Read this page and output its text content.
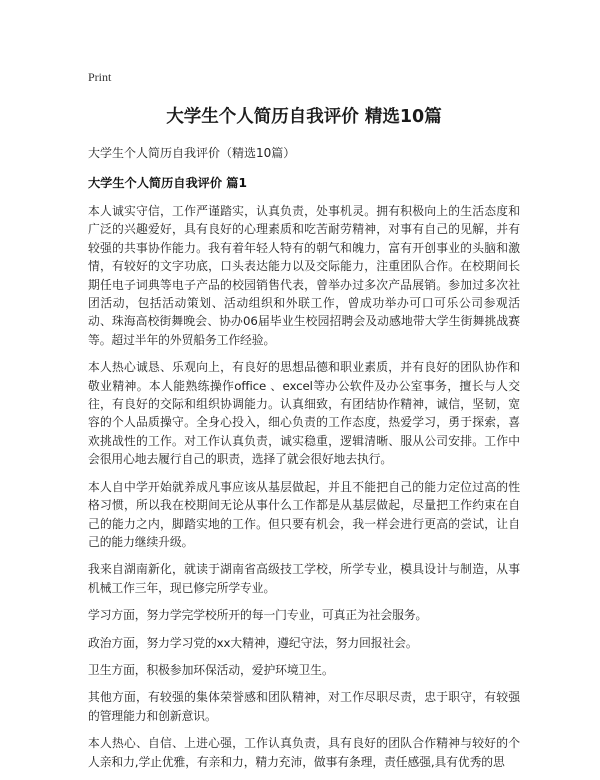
Print
大学生个人简历自我评价 精选10篇
大学生个人简历自我评价（精选10篇）
大学生个人简历自我评价 篇1

本人诚实守信，工作严谨踏实，认真负责，处事机灵。拥有积极向上的生活态度和广泛的兴趣爱好，具有良好的心理素质和吃苦耐劳精神，对事有自己的见解，并有较强的共事协作能力。我有着年轻人特有的朝气和魄力，富有开创事业的头脑和激情，有较好的文字功底，口头表达能力以及交际能力，注重团队合作。在校期间长期任电子词典等电子产品的校园销售代表，曾举办过多次产品展销。参加过多次社团活动，包括活动策划、活动组织和外联工作，曾成功举办可口可乐公司参观活动、珠海高校街舞晚会、协办06届毕业生校园招聘会及动感地带大学生街舞挑战赛等。超过半年的外贸船务工作经验。

本人热心诚恳、乐观向上，有良好的思想品德和职业素质，并有良好的团队协作和敬业精神。本人能熟练操作office 、excel等办公软件及办公室事务，擅长与人交往，有良好的交际和组织协调能力。认真细致，有团结协作精神，诚信，坚韧，宽容的个人品质操守。全身心投入，细心负责的工作态度，热爱学习，勇于探索，喜欢挑战性的工作。对工作认真负责，诚实稳重，逻辑清晰、服从公司安排。工作中会很用心地去履行自己的职责，选择了就会很好地去执行。

本人自中学开始就养成凡事应该从基层做起，并且不能把自己的能力定位过高的性格习惯，所以我在校期间无论从事什么工作都是从基层做起，尽量把工作约束在自己的能力之内，脚踏实地的工作。但只要有机会，我一样会进行更高的尝试，让自己的能力继续升级。

我来自湖南新化，就读于湖南省高级技工学校，所学专业，模具设计与制造，从事机械工作三年，现已修完所学专业。

学习方面，努力学完学校所开的每一门专业，可真正为社会服务。

政治方面，努力学习党的xx大精神，遵纪守法，努力回报社会。

卫生方面，积极参加环保活动，爱护环境卫生。

其他方面，有较强的集体荣誉感和团队精神，对工作尽职尽责，忠于职守，有较强的管理能力和创新意识。

本人热心、自信、上进心强，工作认真负责，具有良好的团队合作精神与较好的个人亲和力,学止优雅，有亲和力，精力充沛，做事有条理，责任感强,具有优秀的思
